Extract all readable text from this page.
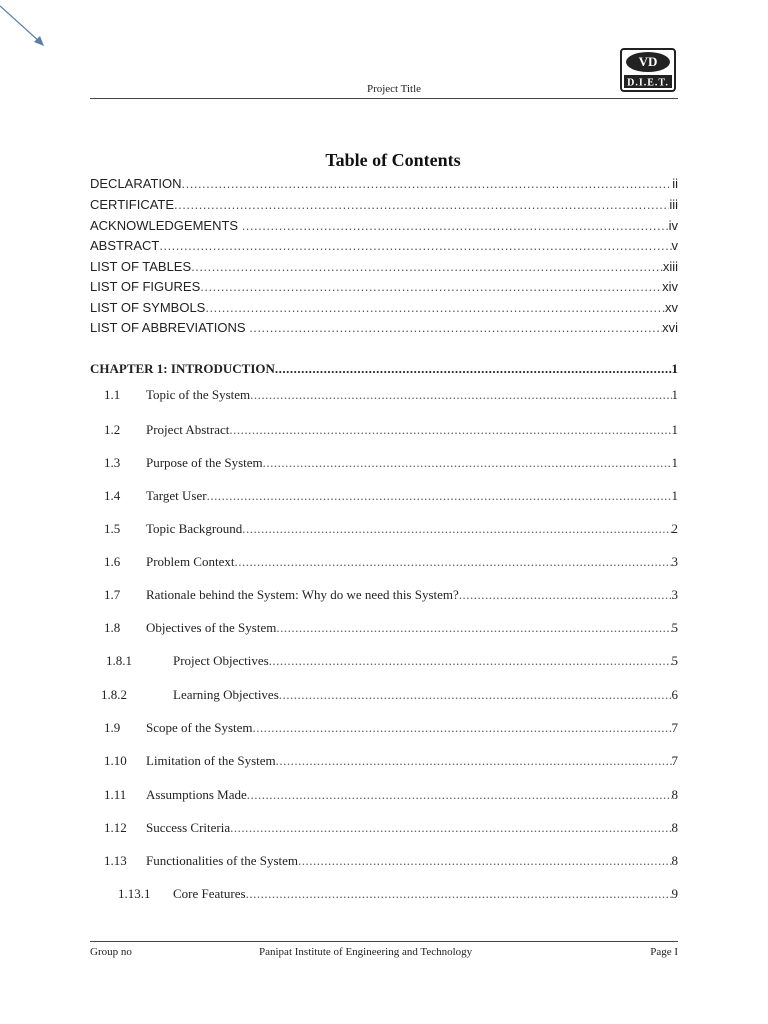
Project Title
VD
D.I.E.T.
Table of Contents
DECLARATION .....	ii
CERTIFICATE .....	iii
ACKNOWLEDGEMENTS .....	iv
ABSTRACT .....	v
LIST OF TABLES .....	xiii
LIST OF FIGURES .....	xiv
LIST OF SYMBOLS .....	xv
LIST OF ABBREVIATIONS .....	xvi
CHAPTER 1: INTRODUCTION .....	1
1.1	Topic of the System .....	1
1.2	Project Abstract .....	1
1.3	Purpose of the System .....	1
1.4	Target User .....	1
1.5	Topic Background .....	2
1.6	Problem Context .....	3
1.7	Rationale behind the System: Why do we need this System? .....	3
1.8	Objectives of the System .....	5
1.8.1	Project Objectives .....	5
1.8.2	Learning Objectives .....	6
1.9	Scope of the System .....	7
1.10	Limitation of the System .....	7
1.11	Assumptions Made .....	8
1.12	Success Criteria .....	8
1.13	Functionalities of the System .....	8
1.13.1	Core Features .....	9
Group no	Panipat Institute of Engineering and Technology	Page I
